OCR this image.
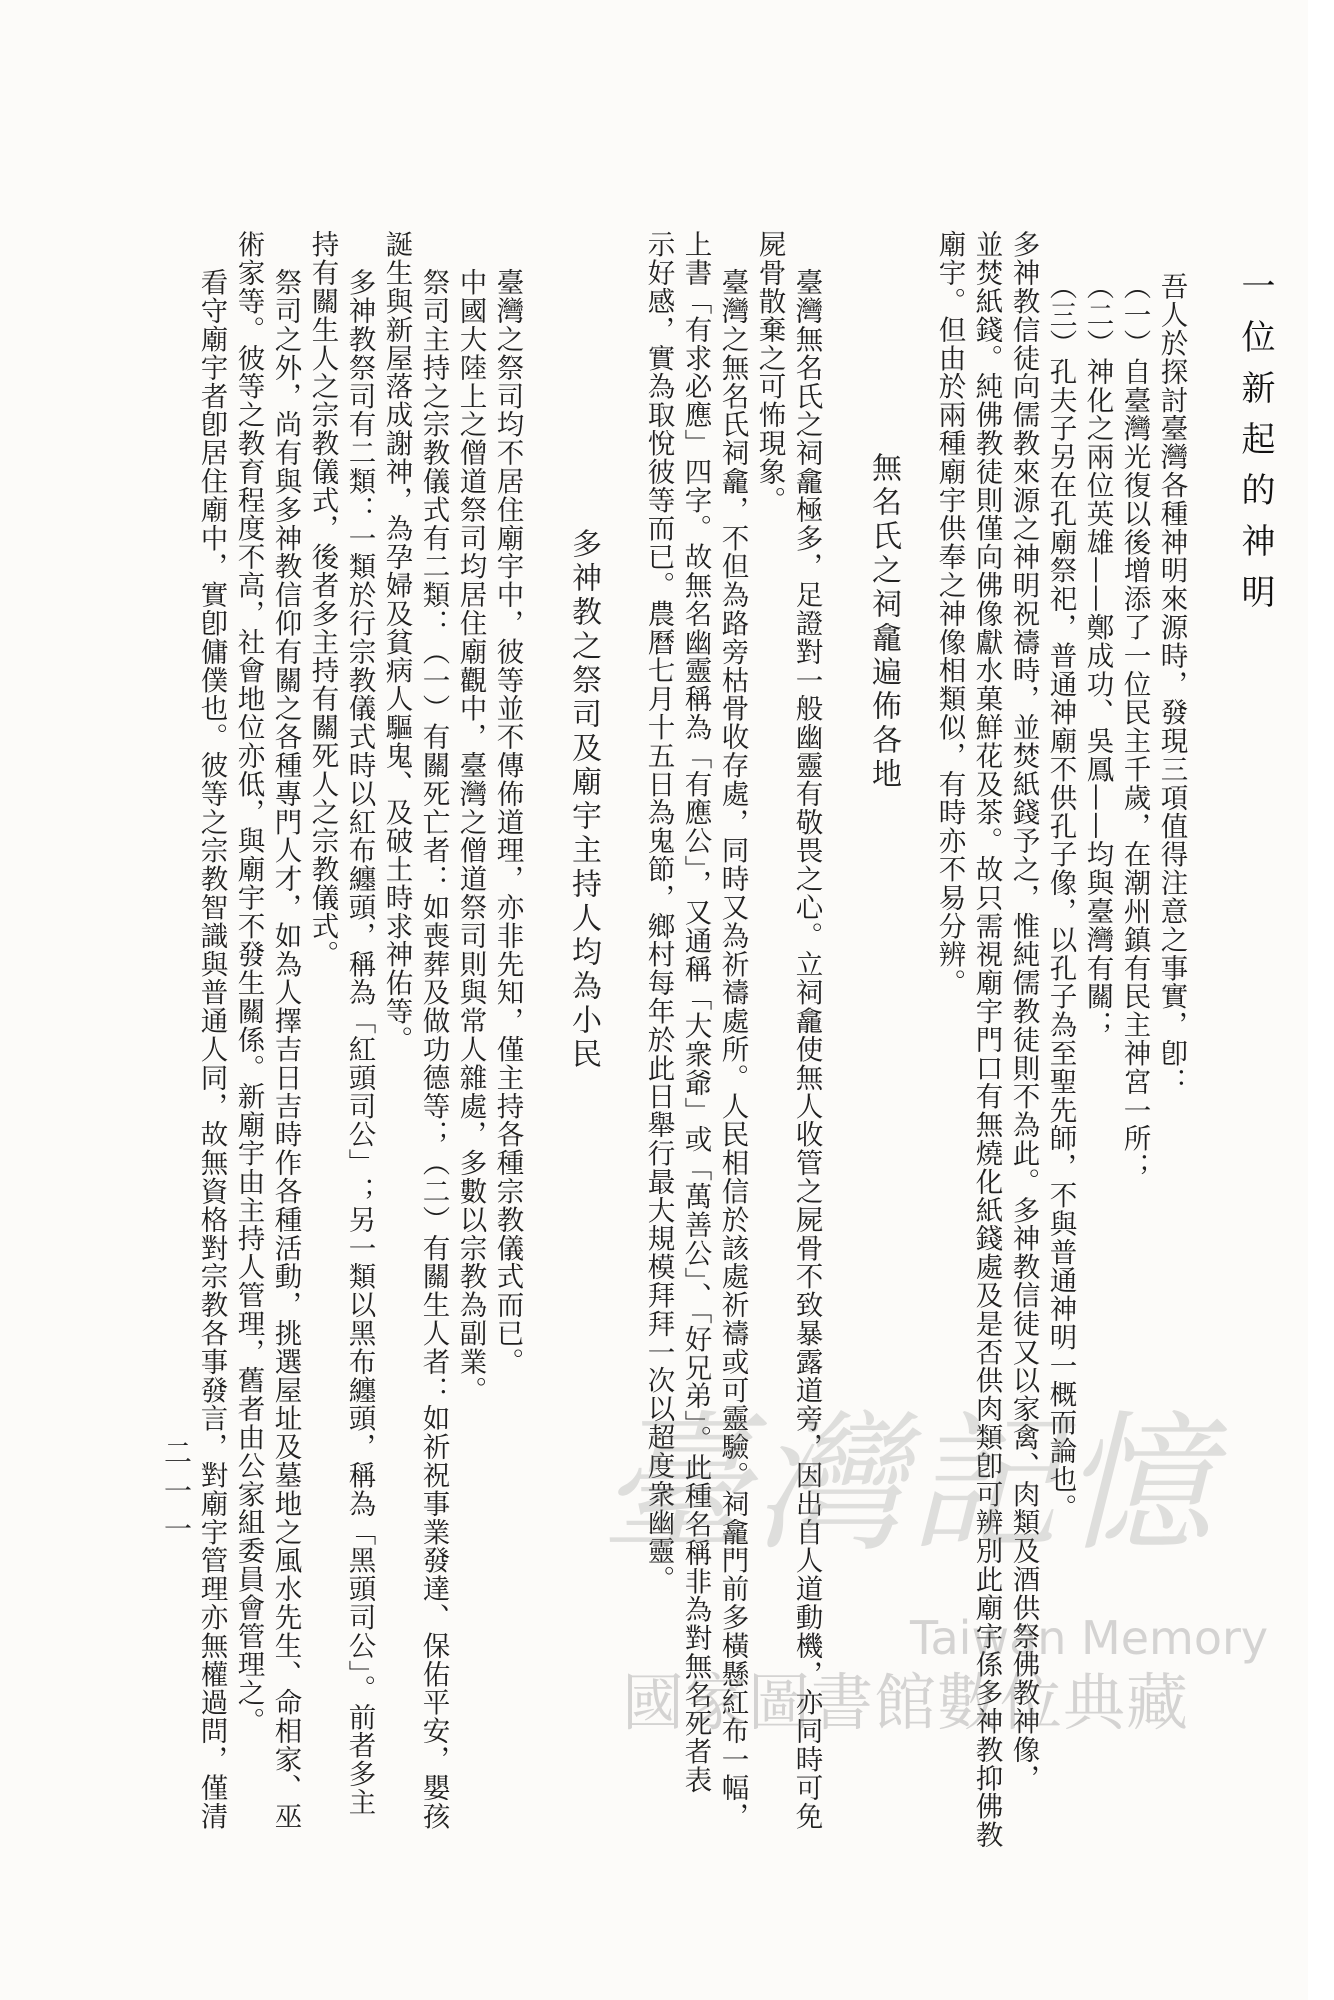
一位新起的神明
吾人於探討臺灣各種神明來源時，發現三項值得注意之事實，卽：
（一）自臺灣光復以後增添了一位民主千歲，在潮州鎮有民主神宮一所；
（二）神化之兩位英雄——鄭成功、吳鳳——均與臺灣有關；
（三）孔夫子另在孔廟祭祀，普通神廟不供孔子像，以孔子為至聖先師，不與普通神明一概而論也。
多神教信徒向儒教來源之神明祝禱時，並焚紙錢予之，惟純儒教徒則不為此。多神教信徒又以家禽、肉類及酒供祭佛教神像，
並焚紙錢。純佛教徒則僅向佛像獻水菓鮮花及茶。故只需視廟宇門口有無燒化紙錢處及是否供肉類卽可辨別此廟宇係多神教抑佛教
廟宇。但由於兩種廟宇供奉之神像相類似，有時亦不易分辨。
無名氏之祠龕遍佈各地
臺灣無名氏之祠龕極多，足證對一般幽靈有敬畏之心。立祠龕使無人收管之屍骨不致暴露道旁，因出自人道動機，亦同時可免
屍骨散棄之可怖現象。
臺灣之無名氏祠龕，不但為路旁枯骨收存處，同時又為祈禱處所。人民相信於該處祈禱或可靈驗。祠龕門前多橫懸紅布一幅，
上書「有求必應」四字。故無名幽靈稱為「有應公」，又通稱「大衆爺」或「萬善公」、「好兄弟」。此種名稱非為對無名死者表
示好感，實為取悅彼等而已。農曆七月十五日為鬼節，鄉村每年於此日舉行最大規模拜拜一次以超度衆幽靈。
多神教之祭司及廟宇主持人均為小民
臺灣之祭司均不居住廟宇中，彼等並不傳佈道理，亦非先知，僅主持各種宗教儀式而已。
中國大陸上之僧道祭司均居住廟觀中，臺灣之僧道祭司則與常人雜處，多數以宗教為副業。
祭司主持之宗教儀式有二類：（一）有關死亡者：如喪葬及做功德等；（二）有關生人者：如祈祝事業發達、保佑平安，嬰孩
誕生與新屋落成謝神，為孕婦及貧病人驅鬼、及破土時求神佑等。
多神教祭司有二類：一類於行宗教儀式時以紅布纏頭，稱為「紅頭司公」；另一類以黑布纏頭，稱為「黑頭司公」。前者多主
持有關生人之宗教儀式，後者多主持有關死人之宗教儀式。
祭司之外，尚有與多神教信仰有關之各種專門人才，如為人擇吉日吉時作各種活動，挑選屋址及墓地之風水先生、命相家、巫
術家等。彼等之教育程度不高，社會地位亦低，與廟宇不發生關係。新廟宇由主持人管理，舊者由公家組委員會管理之。
看守廟宇者卽居住廟中，實卽傭僕也。彼等之宗教智識與普通人同，故無資格對宗教各事發言，對廟宇管理亦無權過問，僅清
二一一	臺灣記憶
Taiwan Memory
國家圖書館數位典藏
